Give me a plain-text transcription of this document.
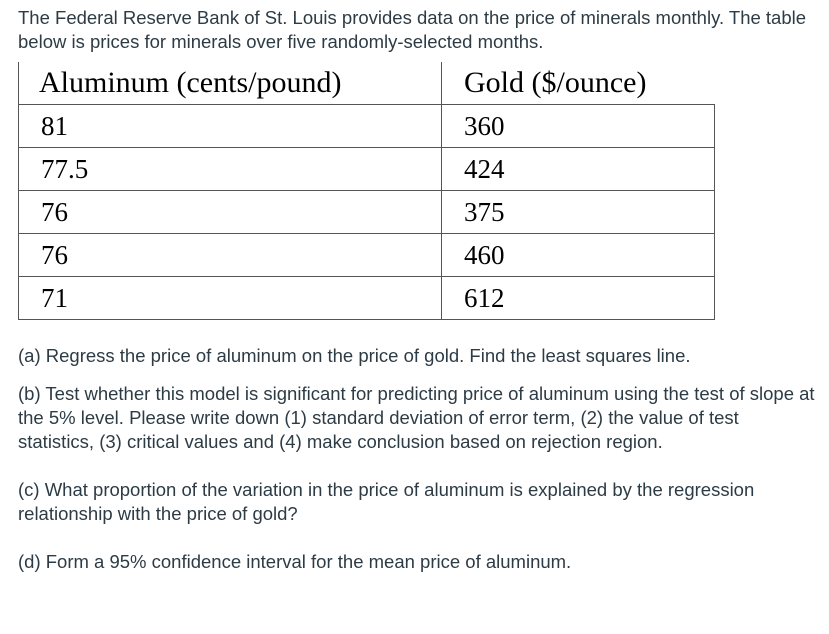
The Federal Reserve Bank of St. Louis provides data on the price of minerals monthly. The table below is prices for minerals over five randomly-selected months.

Aluminum (cents/pound)	Gold ($/ounce)
81	360
77.5	424
76	375
76	460
71	612

(a) Regress the price of aluminum on the price of gold. Find the least squares line.

(b) Test whether this model is significant for predicting price of aluminum using the test of slope at the 5% level. Please write down (1) standard deviation of error term, (2) the value of test statistics, (3) critical values and (4) make conclusion based on rejection region.

(c) What proportion of the variation in the price of aluminum is explained by the regression relationship with the price of gold?

(d) Form a 95% confidence interval for the mean price of aluminum.
